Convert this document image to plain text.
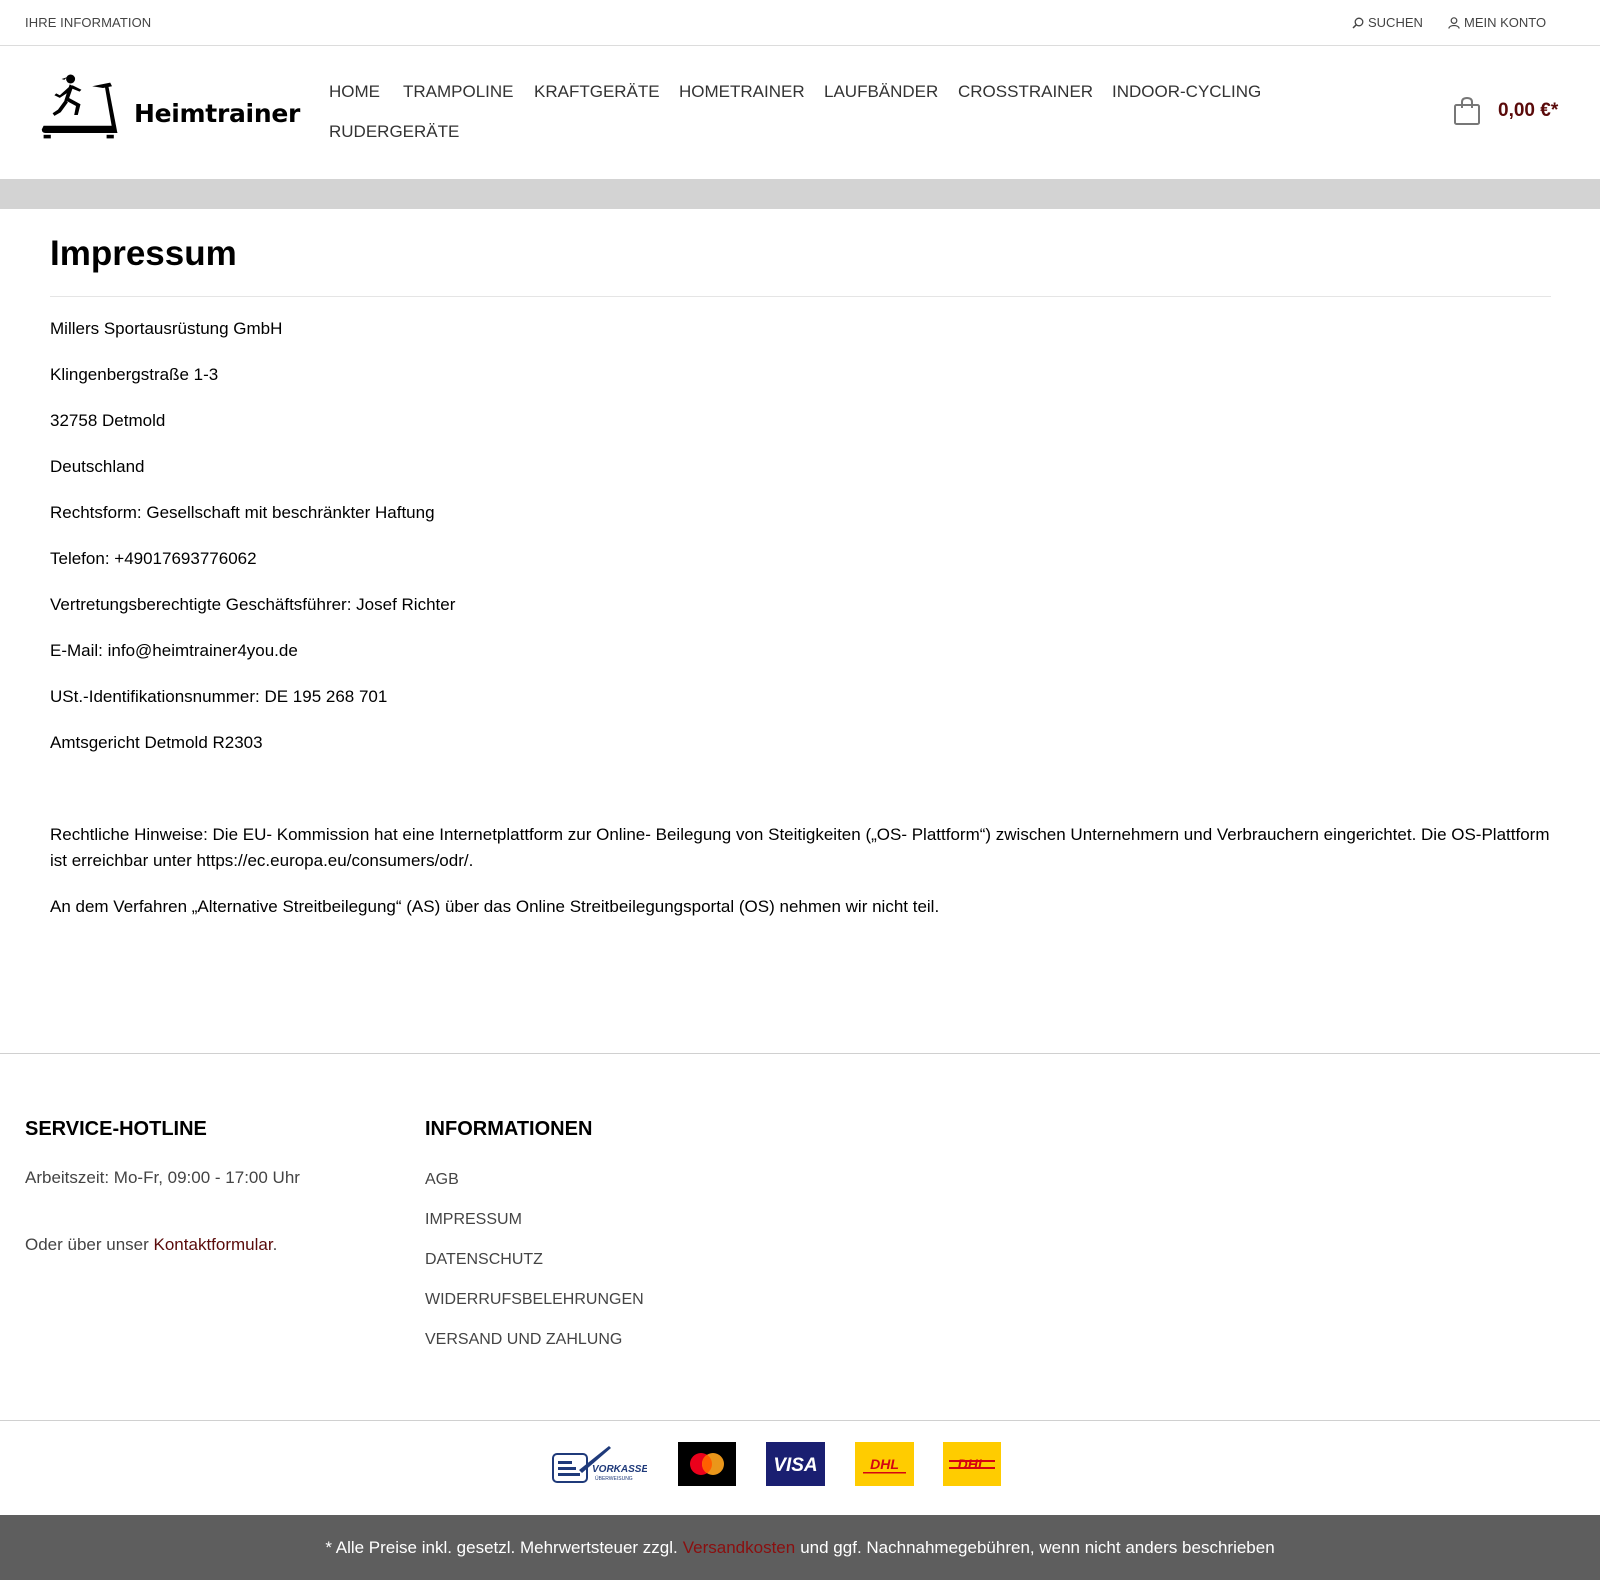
IHRE INFORMATION	SUCHEN	MEIN KONTO
Heimtrainer
HOME TRAMPOLINE KRAFTGERÄTE HOMETRAINER LAUFBÄNDER CROSSTRAINER INDOOR-CYCLING
RUDERGERÄTE
0,00 €*
Impressum

Millers Sportausrüstung GmbH

Klingenbergstraße 1-3

32758 Detmold

Deutschland

Rechtsform: Gesellschaft mit beschränkter Haftung

Telefon: +49017693776062

Vertretungsberechtigte Geschäftsführer: Josef Richter

E-Mail: info@heimtrainer4you.de

USt.-Identifikationsnummer: DE 195 268 701

Amtsgericht Detmold R2303

Rechtliche Hinweise: Die EU- Kommission hat eine Internetplattform zur Online- Beilegung von Steitigkeiten („OS- Plattform“) zwischen Unternehmern und Verbrauchern eingerichtet. Die OS-Plattform ist erreichbar unter https://ec.europa.eu/consumers/odr/.

An dem Verfahren „Alternative Streitbeilegung“ (AS) über das Online Streitbeilegungsportal (OS) nehmen wir nicht teil.

SERVICE-HOTLINE
Arbeitszeit: Mo-Fr, 09:00 - 17:00 Uhr
Oder über unser Kontaktformular.
INFORMATIONEN
AGB
IMPRESSUM
DATENSCHUTZ
WIDERRUFSBELEHRUNGEN
VERSAND UND ZAHLUNG
VORKASSE
ÜBERWEISUNG
VISA	DHL	DHL
* Alle Preise inkl. gesetzl. Mehrwertsteuer zzgl. Versandkosten und ggf. Nachnahmegebühren, wenn nicht anders beschrieben
